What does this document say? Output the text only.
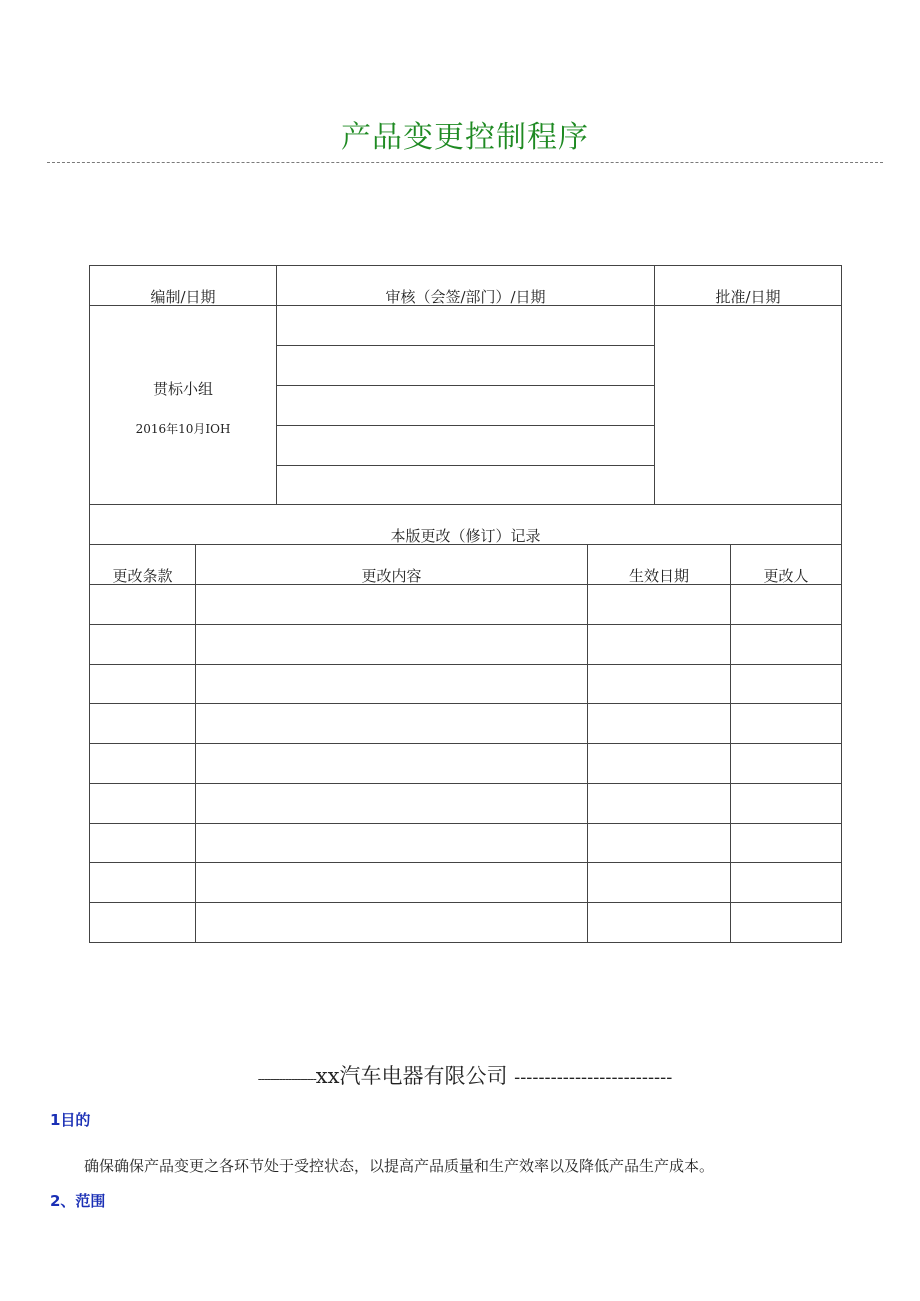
产品变更控制程序
编制/日期	审核（会签/部门）/日期	批准/日期
贯标小组
2016年10月IOH
本版更改（修订）记录
更改条款	更改内容	生效日期	更改人
-------------------xx汽车电器有限公司 --------------------------
1目的
确保确保产品变更之各环节处于受控状态，以提高产品质量和生产效率以及降低产品生产成本。
2、范围
